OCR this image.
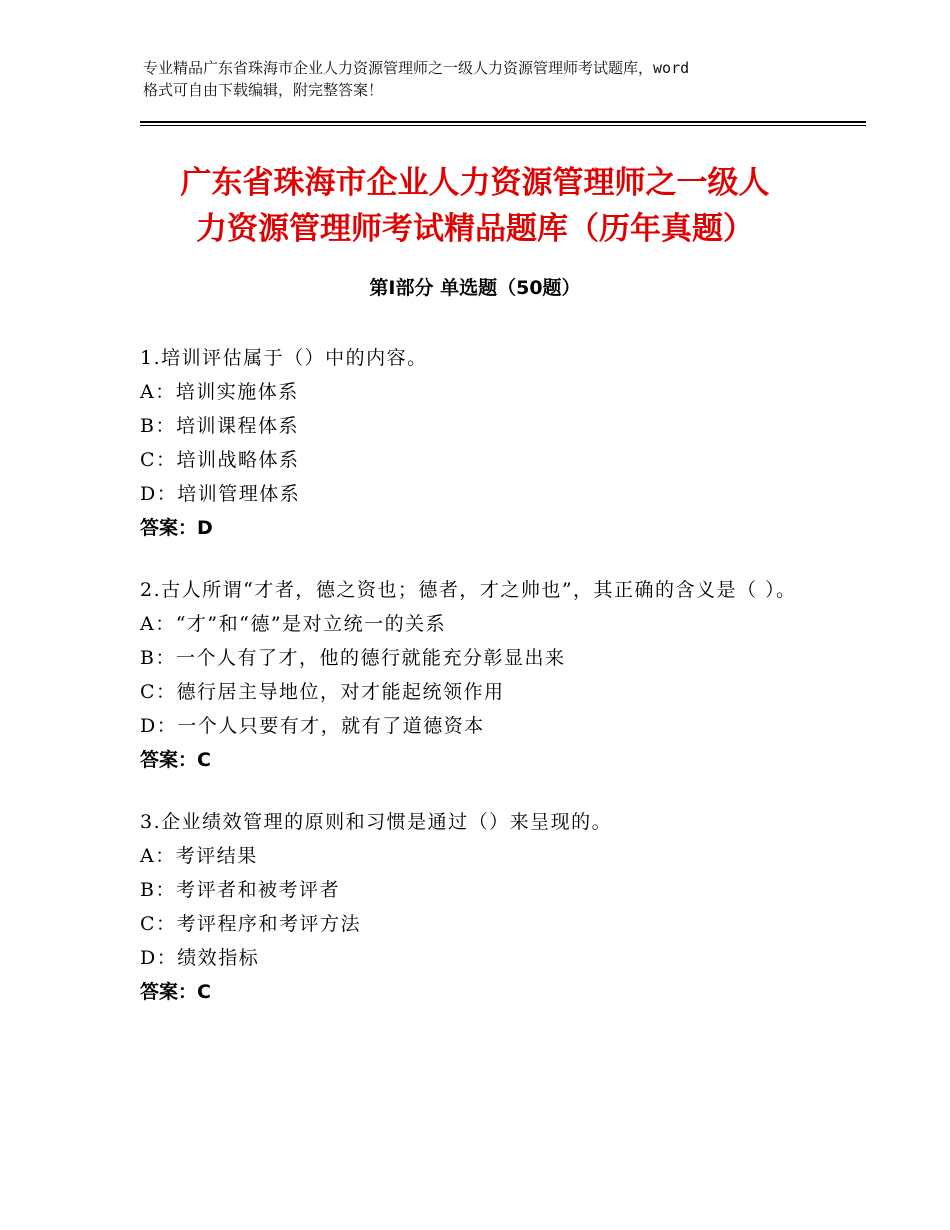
专业精品广东省珠海市企业人力资源管理师之一级人力资源管理师考试题库，word
格式可自由下载编辑，附完整答案！
广东省珠海市企业人力资源管理师之一级人
力资源管理师考试精品题库（历年真题）
第Ⅰ部分 单选题（50题）
1.培训评估属于（）中的内容。
A：培训实施体系
B：培训课程体系
C：培训战略体系
D：培训管理体系
答案：D
2.古人所谓“才者，德之资也；德者，才之帅也”，其正确的含义是（ ）。
A：“才”和“德”是对立统一的关系
B：一个人有了才，他的德行就能充分彰显出来
C：德行居主导地位，对才能起统领作用
D：一个人只要有才，就有了道德资本
答案：C
3.企业绩效管理的原则和习惯是通过（）来呈现的。
A：考评结果
B：考评者和被考评者
C：考评程序和考评方法
D：绩效指标
答案：C
